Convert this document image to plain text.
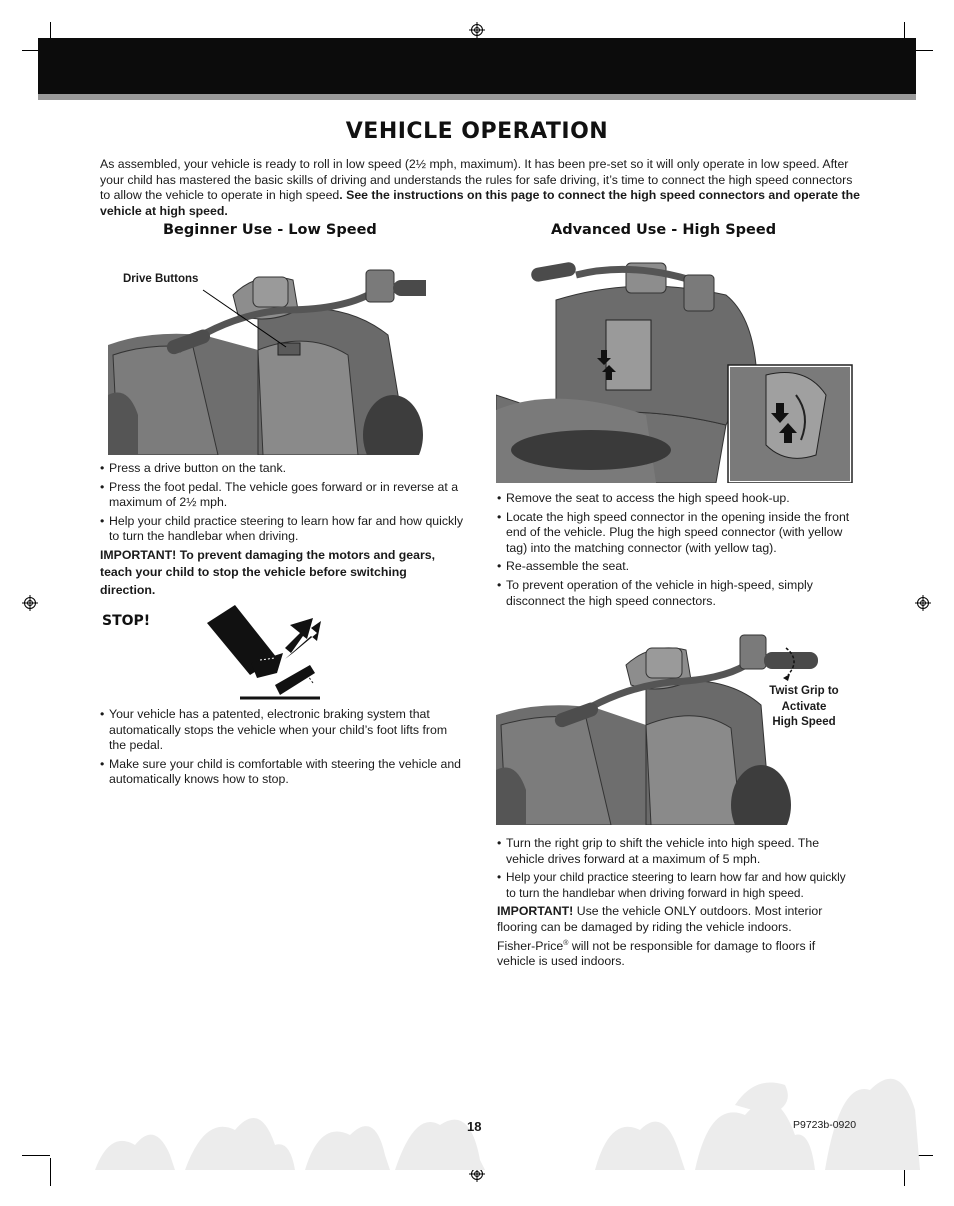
VEHICLE OPERATION
As assembled, your vehicle is ready to roll in low speed (2½ mph, maximum). It has been pre-set so it will only operate in low speed. After your child has mastered the basic skills of driving and understands the rules for safe driving, it’s time to connect the high speed connectors to allow the vehicle to operate in high speed. See the instructions on this page to connect the high speed connectors and operate the vehicle at high speed.
Beginner Use - Low Speed
Drive Buttons
• Press a drive button on the tank.
• Press the foot pedal. The vehicle goes forward or in reverse at a maximum of 2½ mph.
• Help your child practice steering to learn how far and how quickly to turn the handlebar when driving.
IMPORTANT! To prevent damaging the motors and gears, teach your child to stop the vehicle before switching direction.
STOP!
• Your vehicle has a patented, electronic braking system that automatically stops the vehicle when your child’s foot lifts from the pedal.
• Make sure your child is comfortable with steering the vehicle and automatically knows how to stop.
Advanced Use - High Speed
• Remove the seat to access the high speed hook-up.
• Locate the high speed connector in the opening inside the front end of the vehicle. Plug the high speed connector (with yellow tag) into the matching connector (with yellow tag).
• Re-assemble the seat.
• To prevent operation of the vehicle in high-speed, simply disconnect the high speed connectors.
Twist Grip to Activate High Speed
• Turn the right grip to shift the vehicle into high speed. The vehicle drives forward at a maximum of 5 mph.
• Help your child practice steering to learn how far and how quickly to turn the handlebar when driving forward in high speed.
IMPORTANT! Use the vehicle ONLY outdoors. Most interior flooring can be damaged by riding the vehicle indoors.
Fisher-Price® will not be responsible for damage to floors if vehicle is used indoors.
18	P9723b-0920
